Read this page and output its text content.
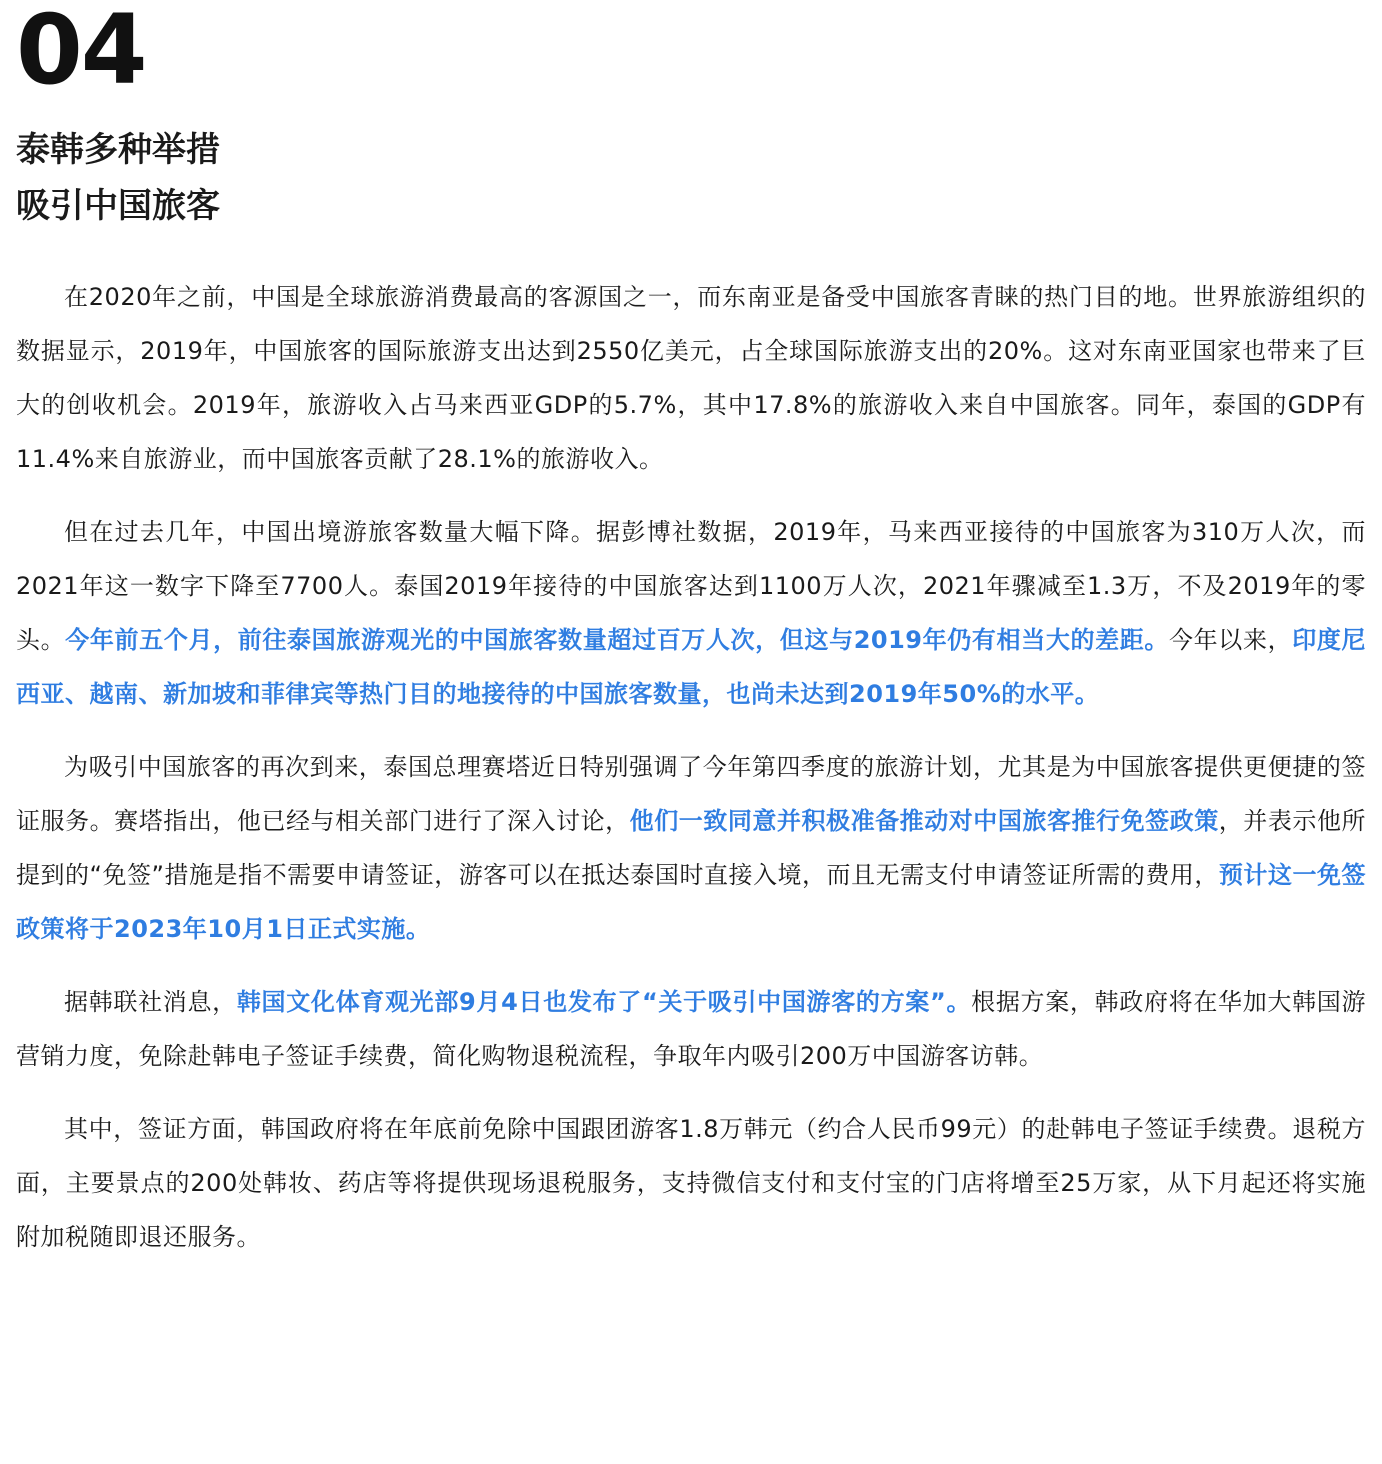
04
泰韩多种举措
吸引中国旅客

在2020年之前，中国是全球旅游消费最高的客源国之一，而东南亚是备受中国旅客青睐的热门目的地。世界旅游组织的数据显示，2019年，中国旅客的国际旅游支出达到2550亿美元，占全球国际旅游支出的20%。这对东南亚国家也带来了巨大的创收机会。2019年，旅游收入占马来西亚GDP的5.7%，其中17.8%的旅游收入来自中国旅客。同年，泰国的GDP有11.4%来自旅游业，而中国旅客贡献了28.1%的旅游收入。

但在过去几年，中国出境游旅客数量大幅下降。据彭博社数据，2019年，马来西亚接待的中国旅客为310万人次，而2021年这一数字下降至7700人。泰国2019年接待的中国旅客达到1100万人次，2021年骤减至1.3万，不及2019年的零头。今年前五个月，前往泰国旅游观光的中国旅客数量超过百万人次，但这与2019年仍有相当大的差距。今年以来，印度尼西亚、越南、新加坡和菲律宾等热门目的地接待的中国旅客数量，也尚未达到2019年50%的水平。

为吸引中国旅客的再次到来，泰国总理赛塔近日特别强调了今年第四季度的旅游计划，尤其是为中国旅客提供更便捷的签证服务。赛塔指出，他已经与相关部门进行了深入讨论，他们一致同意并积极准备推动对中国旅客推行免签政策，并表示他所提到的“免签”措施是指不需要申请签证，游客可以在抵达泰国时直接入境，而且无需支付申请签证所需的费用，预计这一免签政策将于2023年10月1日正式实施。

据韩联社消息，韩国文化体育观光部9月4日也发布了“关于吸引中国游客的方案”。根据方案，韩政府将在华加大韩国游营销力度，免除赴韩电子签证手续费，简化购物退税流程，争取年内吸引200万中国游客访韩。

其中，签证方面，韩国政府将在年底前免除中国跟团游客1.8万韩元（约合人民币99元）的赴韩电子签证手续费。退税方面，主要景点的200处韩妆、药店等将提供现场退税服务，支持微信支付和支付宝的门店将增至25万家，从下月起还将实施附加税随即退还服务。
